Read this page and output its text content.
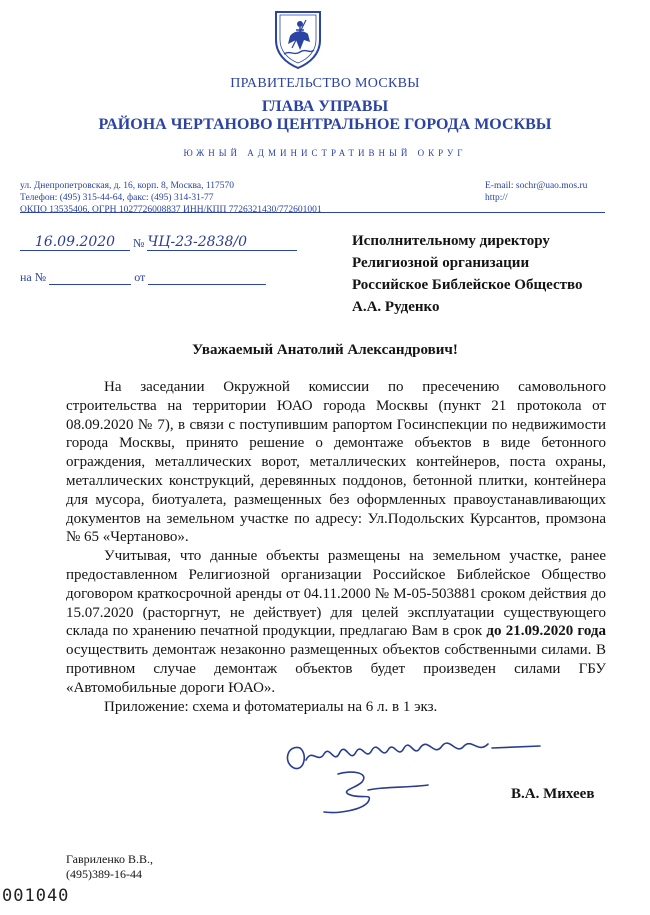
ПРАВИТЕЛЬСТВО МОСКВЫ
ГЛАВА УПРАВЫ
РАЙОНА ЧЕРТАНОВО ЦЕНТРАЛЬНОЕ ГОРОДА МОСКВЫ
ЮЖНЫЙ АДМИНИСТРАТИВНЫЙ ОКРУГ
ул. Днепропетровская, д. 16, корп. 8, Москва, 117570
Телефон: (495) 315-44-64, факс: (495) 314-31-77
ОКПО 13535406, ОГРН 1027726008837 ИНН/КПП 7726321430/772601001
E-mail: sochr@uao.mos.ru
http://
16.09.2020 № ЧЦ-23-2838/0
на №	от
Исполнительному директору
Религиозной организации
Российское Библейское Общество
А.А. Руденко
Уважаемый Анатолий Александрович!

На заседании Окружной комиссии по пресечению самовольного строительства на территории ЮАО города Москвы (пункт 21 протокола от 08.09.2020 № 7), в связи с поступившим рапортом Госинспекции по недвижимости города Москвы, принято решение о демонтаже объектов в виде бетонного ограждения, металлических ворот, металлических контейнеров, поста охраны, металлических конструкций, деревянных поддонов, бетонной плитки, контейнера для мусора, биотуалета, размещенных без оформленных правоустанавливающих документов на земельном участке по адресу: Ул.Подольских Курсантов, промзона № 65 «Чертаново».

Учитывая, что данные объекты размещены на земельном участке, ранее предоставленном Религиозной организации Российское Библейское Общество договором краткосрочной аренды от 04.11.2000 № М-05-503881 сроком действия до 15.07.2020 (расторгнут, не действует) для целей эксплуатации существующего склада по хранению печатной продукции, предлагаю Вам в срок до 21.09.2020 года осуществить демонтаж незаконно размещенных объектов собственными силами. В противном случае демонтаж объектов будет произведен силами ГБУ «Автомобильные дороги ЮАО».

Приложение: схема и фотоматериалы на 6 л. в 1 экз.

В.А. Михеев
Гавриленко В.В.,
(495)389-16-44
001040
